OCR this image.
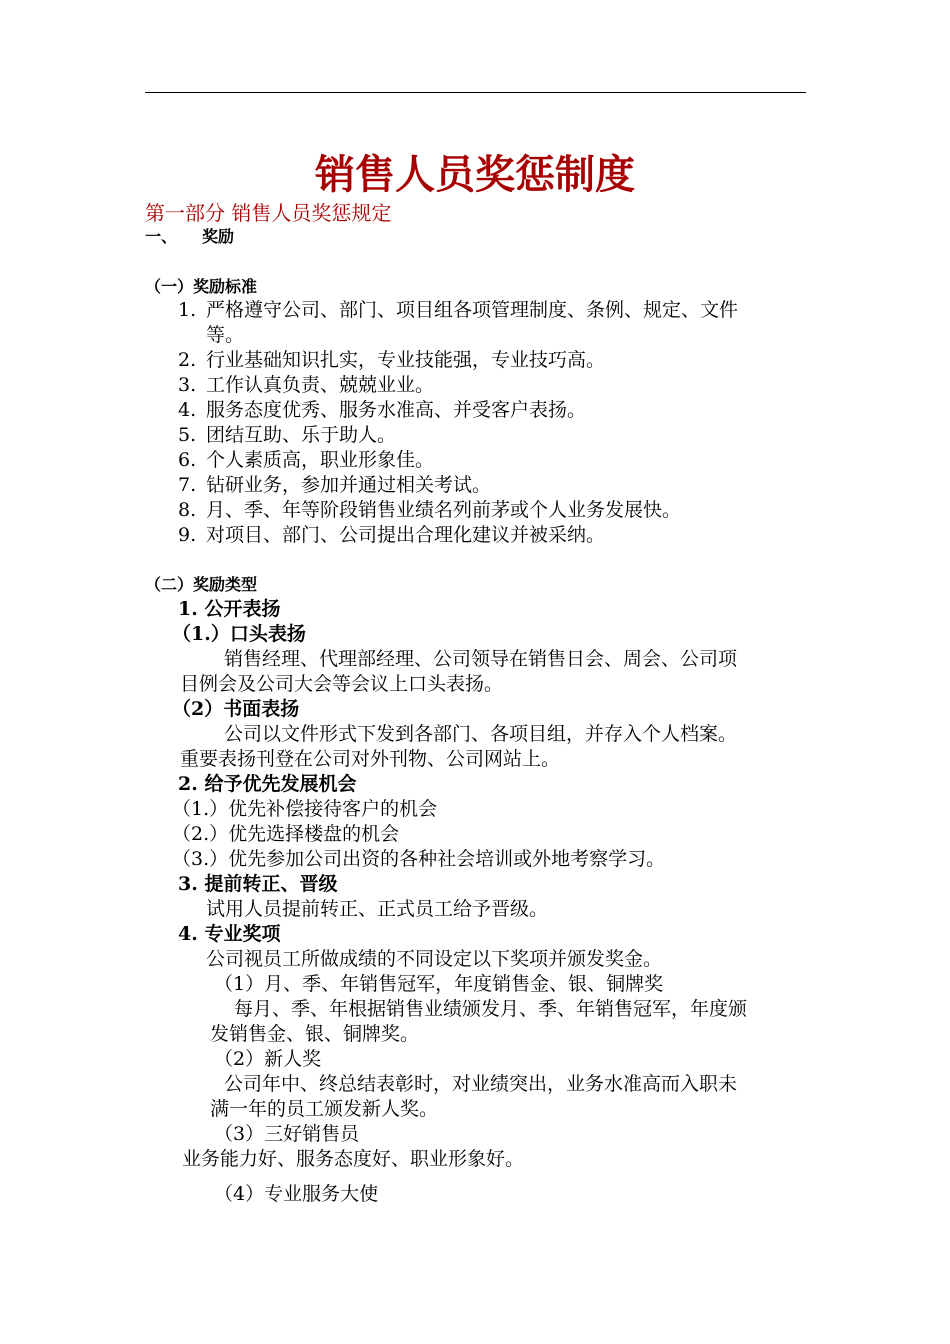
销售人员奖惩制度
第一部分 销售人员奖惩规定
一、 奖励
（一）奖励标准
1. 严格遵守公司、部门、项目组各项管理制度、条例、规定、文件
等。
2. 行业基础知识扎实，专业技能强，专业技巧高。
3. 工作认真负责、兢兢业业。
4. 服务态度优秀、服务水准高、并受客户表扬。
5. 团结互助、乐于助人。
6. 个人素质高，职业形象佳。
7. 钻研业务，参加并通过相关考试。
8. 月、季、年等阶段销售业绩名列前茅或个人业务发展快。
9. 对项目、部门、公司提出合理化建议并被采纳。
（二）奖励类型
1. 公开表扬
（1.）口头表扬
销售经理、代理部经理、公司领导在销售日会、周会、公司项
目例会及公司大会等会议上口头表扬。
（2）书面表扬
公司以文件形式下发到各部门、各项目组，并存入个人档案。
重要表扬刊登在公司对外刊物、公司网站上。
2. 给予优先发展机会
（1.）优先补偿接待客户的机会
（2.）优先选择楼盘的机会
（3.）优先参加公司出资的各种社会培训或外地考察学习。
3. 提前转正、晋级
试用人员提前转正、正式员工给予晋级。
4. 专业奖项
公司视员工所做成绩的不同设定以下奖项并颁发奖金。
（1）月、季、年销售冠军，年度销售金、银、铜牌奖
每月、季、年根据销售业绩颁发月、季、年销售冠军，年度颁
发销售金、银、铜牌奖。
（2）新人奖
公司年中、终总结表彰时，对业绩突出，业务水准高而入职未
满一年的员工颁发新人奖。
（3）三好销售员
业务能力好、服务态度好、职业形象好。
（4）专业服务大使
